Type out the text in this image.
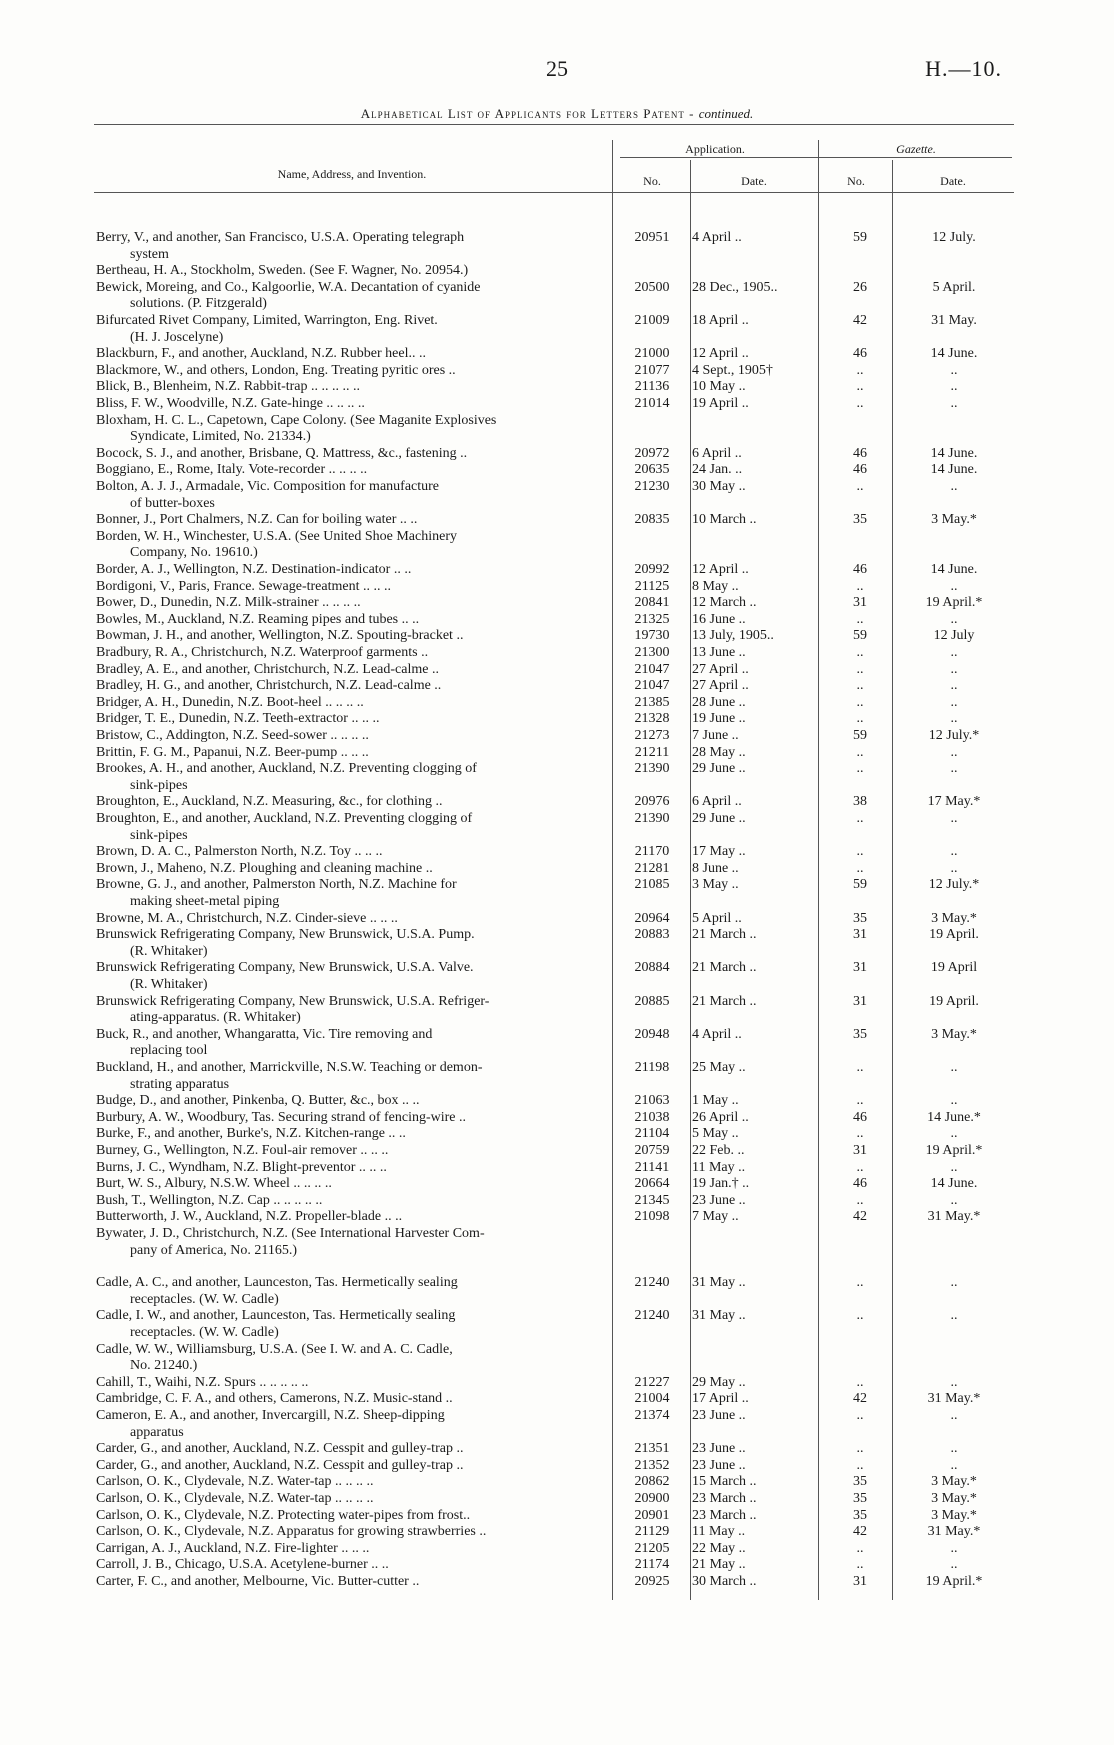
25	H.—10.
Alphabetical List of Applicants for Letters Patent - continued.
Name, Address, and Invention.
Application.	Gazette.
No.	Date.	No.	Date.
Berry, V., and another, San Francisco, U.S.A. Operating telegraph
system
20951	4 April ..	59	12 July.
Bertheau, H. A., Stockholm, Sweden. (See F. Wagner, No. 20954.)
Bewick, Moreing, and Co., Kalgoorlie, W.A. Decantation of cyanide
solutions. (P. Fitzgerald)
20500	28 Dec., 1905..	26	5 April.
Bifurcated Rivet Company, Limited, Warrington, Eng. Rivet.
(H. J. Joscelyne)
21009	18 April ..	42	31 May.
Blackburn, F., and another, Auckland, N.Z. Rubber heel.. ..	21000	12 April ..	46	14 June.
Blackmore, W., and others, London, Eng. Treating pyritic ores ..	21077	4 Sept., 1905†	..	..
Blick, B., Blenheim, N.Z. Rabbit-trap .. .. .. .. ..	21136	10 May ..	..	..
Bliss, F. W., Woodville, N.Z. Gate-hinge .. .. .. ..	21014	19 April ..	..	..
Bloxham, H. C. L., Capetown, Cape Colony. (See Maganite Explosives
Syndicate, Limited, No. 21334.)
Bocock, S. J., and another, Brisbane, Q. Mattress, &c., fastening ..	20972	6 April ..	46	14 June.
Boggiano, E., Rome, Italy. Vote-recorder .. .. .. ..	20635	24 Jan. ..	46	14 June.
Bolton, A. J. J., Armadale, Vic. Composition for manufacture
of butter-boxes
21230	30 May ..	..	..
Bonner, J., Port Chalmers, N.Z. Can for boiling water .. ..	20835	10 March ..	35	3 May.*
Borden, W. H., Winchester, U.S.A. (See United Shoe Machinery
Company, No. 19610.)
Border, A. J., Wellington, N.Z. Destination-indicator .. ..	20992	12 April ..	46	14 June.
Bordigoni, V., Paris, France. Sewage-treatment .. .. ..	21125	8 May ..	..	..
Bower, D., Dunedin, N.Z. Milk-strainer .. .. .. ..	20841	12 March ..	31	19 April.*
Bowles, M., Auckland, N.Z. Reaming pipes and tubes .. ..	21325	16 June ..	..	..
Bowman, J. H., and another, Wellington, N.Z. Spouting-bracket ..	19730	13 July, 1905..	59	12 July
Bradbury, R. A., Christchurch, N.Z. Waterproof garments ..	21300	13 June ..	..	..
Bradley, A. E., and another, Christchurch, N.Z. Lead-calme ..	21047	27 April ..	..	..
Bradley, H. G., and another, Christchurch, N.Z. Lead-calme ..	21047	27 April ..	..	..
Bridger, A. H., Dunedin, N.Z. Boot-heel .. .. .. ..	21385	28 June ..	..	..
Bridger, T. E., Dunedin, N.Z. Teeth-extractor .. .. ..	21328	19 June ..	..	..
Bristow, C., Addington, N.Z. Seed-sower .. .. .. ..	21273	7 June ..	59	12 July.*
Brittin, F. G. M., Papanui, N.Z. Beer-pump .. .. ..	21211	28 May ..	..	..
Brookes, A. H., and another, Auckland, N.Z. Preventing clogging of
sink-pipes
21390	29 June ..	..	..
Broughton, E., Auckland, N.Z. Measuring, &c., for clothing ..	20976	6 April ..	38	17 May.*
Broughton, E., and another, Auckland, N.Z. Preventing clogging of
sink-pipes
21390	29 June ..	..	..
Brown, D. A. C., Palmerston North, N.Z. Toy .. .. ..	21170	17 May ..	..	..
Brown, J., Maheno, N.Z. Ploughing and cleaning machine ..	21281	8 June ..	..	..
Browne, G. J., and another, Palmerston North, N.Z. Machine for
making sheet-metal piping
21085	3 May ..	59	12 July.*
Browne, M. A., Christchurch, N.Z. Cinder-sieve .. .. ..	20964	5 April ..	35	3 May.*
Brunswick Refrigerating Company, New Brunswick, U.S.A. Pump.
(R. Whitaker)
20883	21 March ..	31	19 April.
Brunswick Refrigerating Company, New Brunswick, U.S.A. Valve.
(R. Whitaker)
20884	21 March ..	31	19 April
Brunswick Refrigerating Company, New Brunswick, U.S.A. Refriger-
ating-apparatus. (R. Whitaker)
20885	21 March ..	31	19 April.
Buck, R., and another, Whangaratta, Vic. Tire removing and
replacing tool
20948	4 April ..	35	3 May.*
Buckland, H., and another, Marrickville, N.S.W. Teaching or demon-
strating apparatus
21198	25 May ..	..	..
Budge, D., and another, Pinkenba, Q. Butter, &c., box .. ..	21063	1 May ..	..	..
Burbury, A. W., Woodbury, Tas. Securing strand of fencing-wire ..	21038	26 April ..	46	14 June.*
Burke, F., and another, Burke's, N.Z. Kitchen-range .. ..	21104	5 May ..	..	..
Burney, G., Wellington, N.Z. Foul-air remover .. .. ..	20759	22 Feb. ..	31	19 April.*
Burns, J. C., Wyndham, N.Z. Blight-preventor .. .. ..	21141	11 May ..	..	..
Burt, W. S., Albury, N.S.W. Wheel .. .. .. ..	20664	19 Jan.† ..	46	14 June.
Bush, T., Wellington, N.Z. Cap .. .. .. .. ..	21345	23 June ..	..	..
Butterworth, J. W., Auckland, N.Z. Propeller-blade .. ..	21098	7 May ..	42	31 May.*
Bywater, J. D., Christchurch, N.Z. (See International Harvester Com-
pany of America, No. 21165.)
Cadle, A. C., and another, Launceston, Tas. Hermetically sealing
receptacles. (W. W. Cadle)
21240	31 May ..	..	..
Cadle, I. W., and another, Launceston, Tas. Hermetically sealing
receptacles. (W. W. Cadle)
21240	31 May ..	..	..
Cadle, W. W., Williamsburg, U.S.A. (See I. W. and A. C. Cadle,
No. 21240.)
Cahill, T., Waihi, N.Z. Spurs .. .. .. .. ..	21227	29 May ..	..	..
Cambridge, C. F. A., and others, Camerons, N.Z. Music-stand ..	21004	17 April ..	42	31 May.*
Cameron, E. A., and another, Invercargill, N.Z. Sheep-dipping
apparatus
21374	23 June ..	..	..
Carder, G., and another, Auckland, N.Z. Cesspit and gulley-trap ..	21351	23 June ..	..	..
Carder, G., and another, Auckland, N.Z. Cesspit and gulley-trap ..	21352	23 June ..	..	..
Carlson, O. K., Clydevale, N.Z. Water-tap .. .. .. ..	20862	15 March ..	35	3 May.*
Carlson, O. K., Clydevale, N.Z. Water-tap .. .. .. ..	20900	23 March ..	35	3 May.*
Carlson, O. K., Clydevale, N.Z. Protecting water-pipes from frost..	20901	23 March ..	35	3 May.*
Carlson, O. K., Clydevale, N.Z. Apparatus for growing strawberries ..	21129	11 May ..	42	31 May.*
Carrigan, A. J., Auckland, N.Z. Fire-lighter .. .. ..	21205	22 May ..	..	..
Carroll, J. B., Chicago, U.S.A. Acetylene-burner .. ..	21174	21 May ..	..	..
Carter, F. C., and another, Melbourne, Vic. Butter-cutter ..	20925	30 March ..	31	19 April.*
